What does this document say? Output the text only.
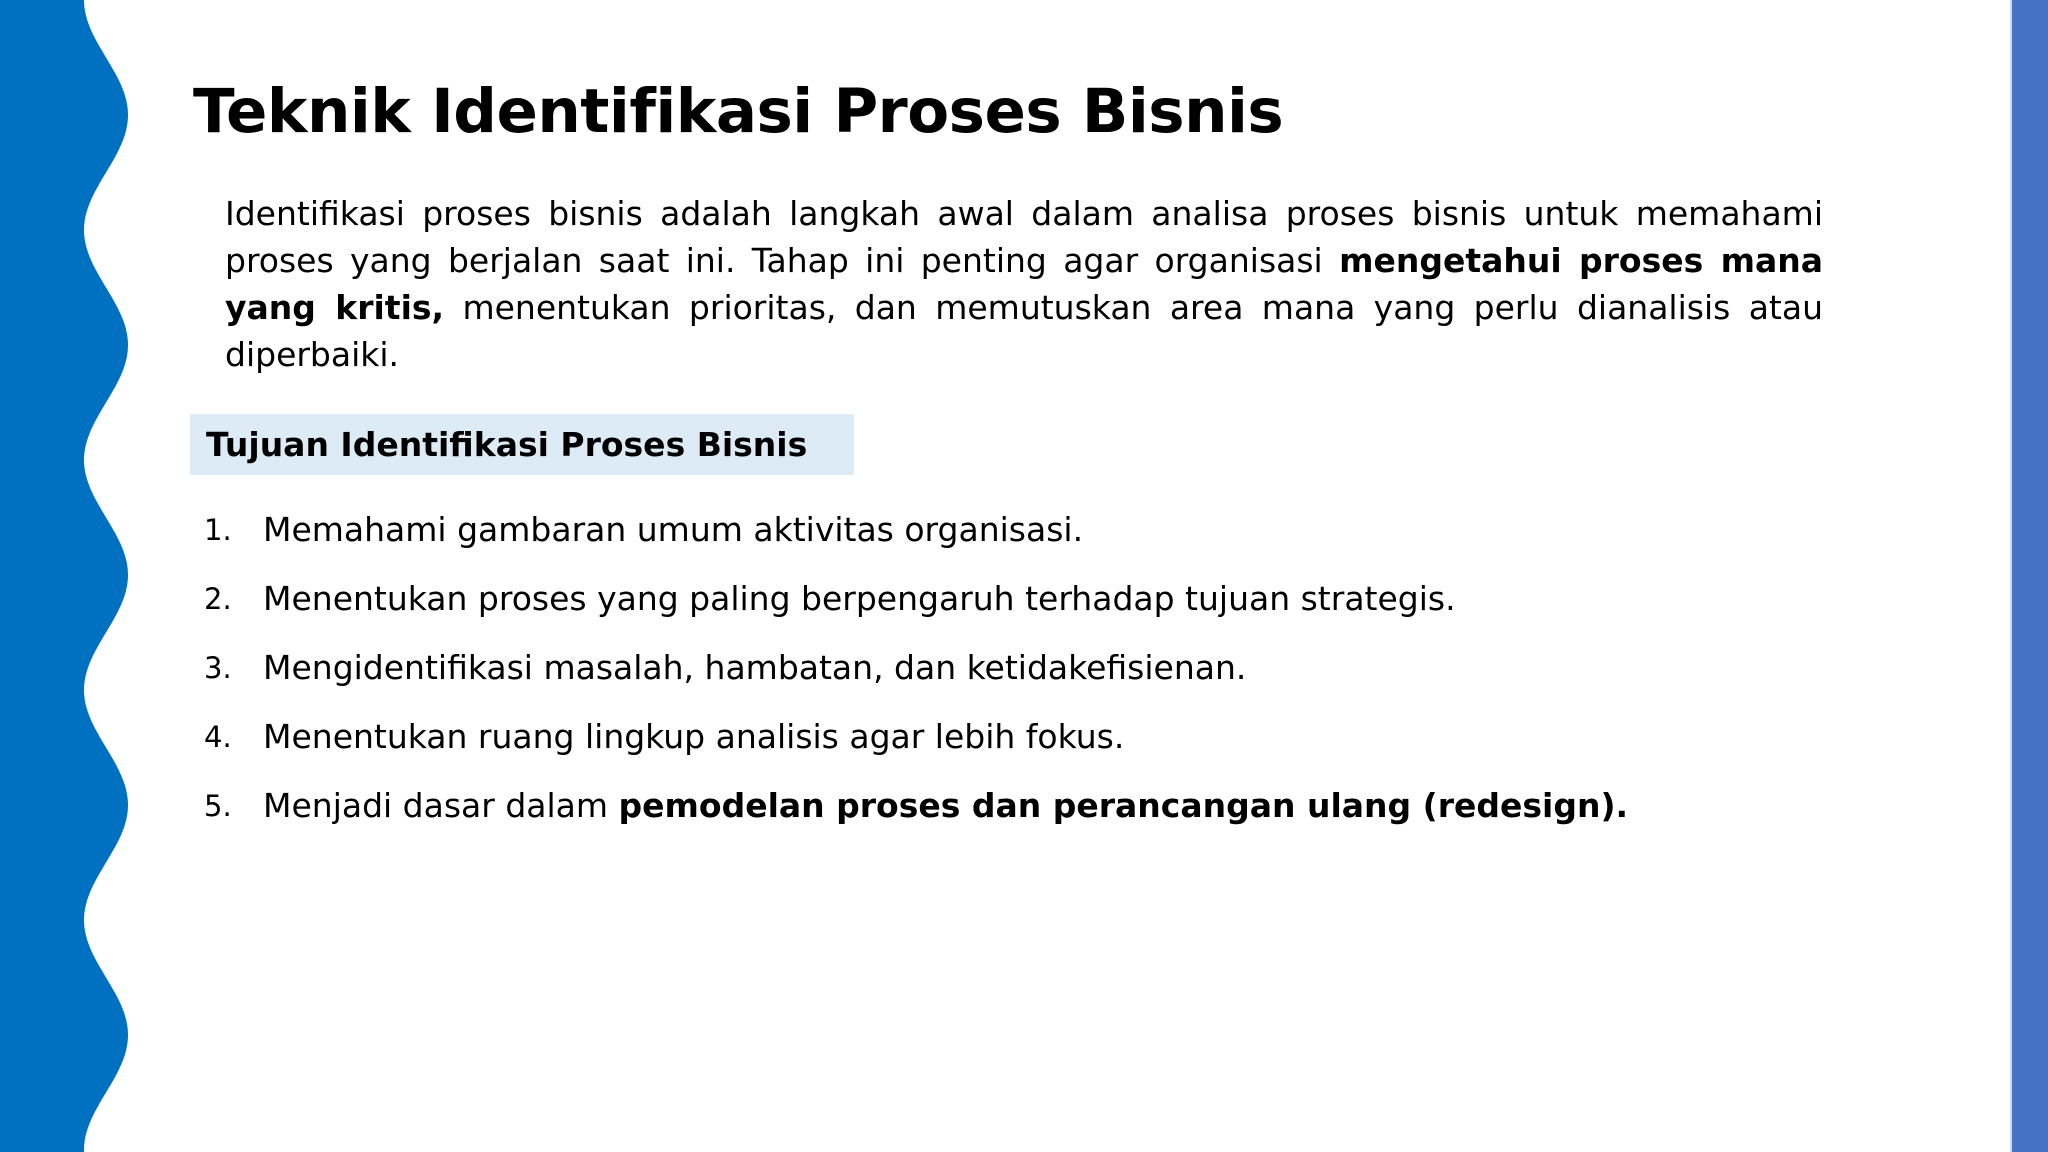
Teknik Identifikasi Proses Bisnis

Identifikasi proses bisnis adalah langkah awal dalam analisa proses bisnis untuk memahami proses yang berjalan saat ini. Tahap ini penting agar organisasi mengetahui proses mana yang kritis, menentukan prioritas, dan memutuskan area mana yang perlu dianalisis atau diperbaiki.

Tujuan Identifikasi Proses Bisnis
1. Memahami gambaran umum aktivitas organisasi.
2. Menentukan proses yang paling berpengaruh terhadap tujuan strategis.
3. Mengidentifikasi masalah, hambatan, dan ketidakefisienan.
4. Menentukan ruang lingkup analisis agar lebih fokus.
5. Menjadi dasar dalam pemodelan proses dan perancangan ulang (redesign).
